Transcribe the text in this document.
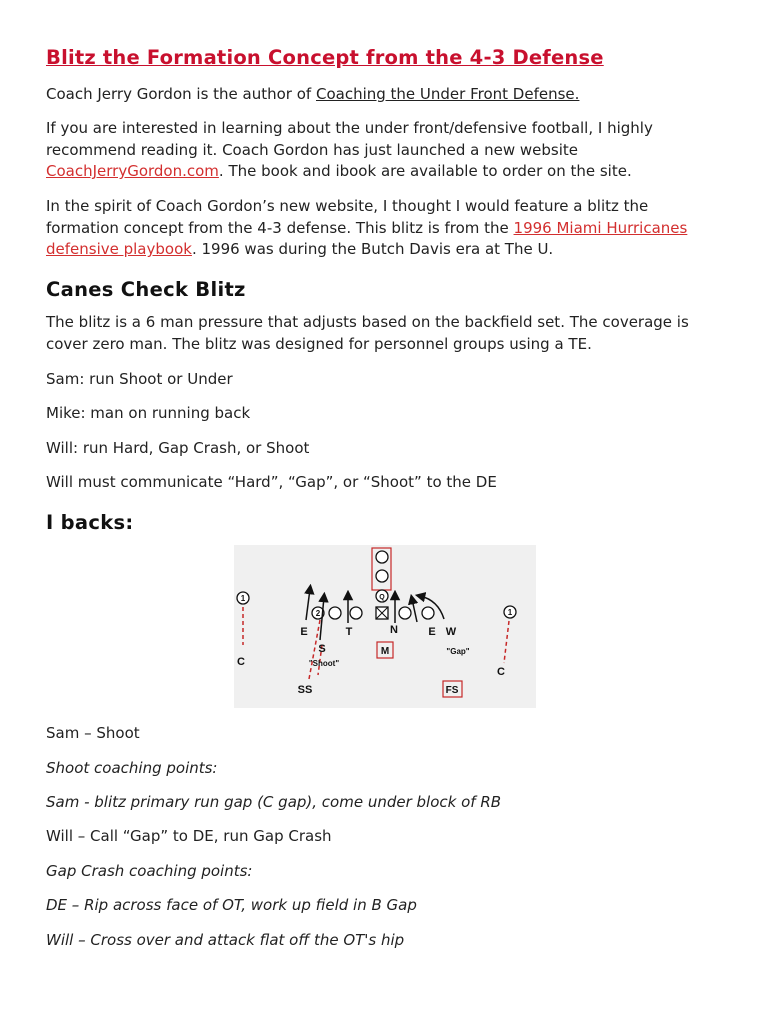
Blitz the Formation Concept from the 4-3 Defense

Coach Jerry Gordon is the author of Coaching the Under Front Defense.

If you are interested in learning about the under front/defensive football, I highly
recommend reading it. Coach Gordon has just launched a new website
CoachJerryGordon.com. The book and ibook are available to order on the site.

In the spirit of Coach Gordon’s new website, I thought I would feature a blitz the
formation concept from the 4-3 defense. This blitz is from the 1996 Miami Hurricanes
defensive playbook. 1996 was during the Butch Davis era at The U.

Canes Check Blitz

The blitz is a 6 man pressure that adjusts based on the backfield set. The coverage is
cover zero man. The blitz was designed for personnel groups using a TE.

Sam: run Shoot or Under

Mike: man on running back

Will: run Hard, Gap Crash, or Shoot

Will must communicate “Hard”, “Gap”, or “Shoot” to the DE

I backs:
1
C
E
2
S
"Shoot"
SS
T
Q
N
M
E W
"Gap"
1
C
FS

Sam – Shoot

Shoot coaching points:

Sam - blitz primary run gap (C gap), come under block of RB

Will – Call “Gap” to DE, run Gap Crash

Gap Crash coaching points:

DE – Rip across face of OT, work up field in B Gap

Will – Cross over and attack flat off the OT's hip
